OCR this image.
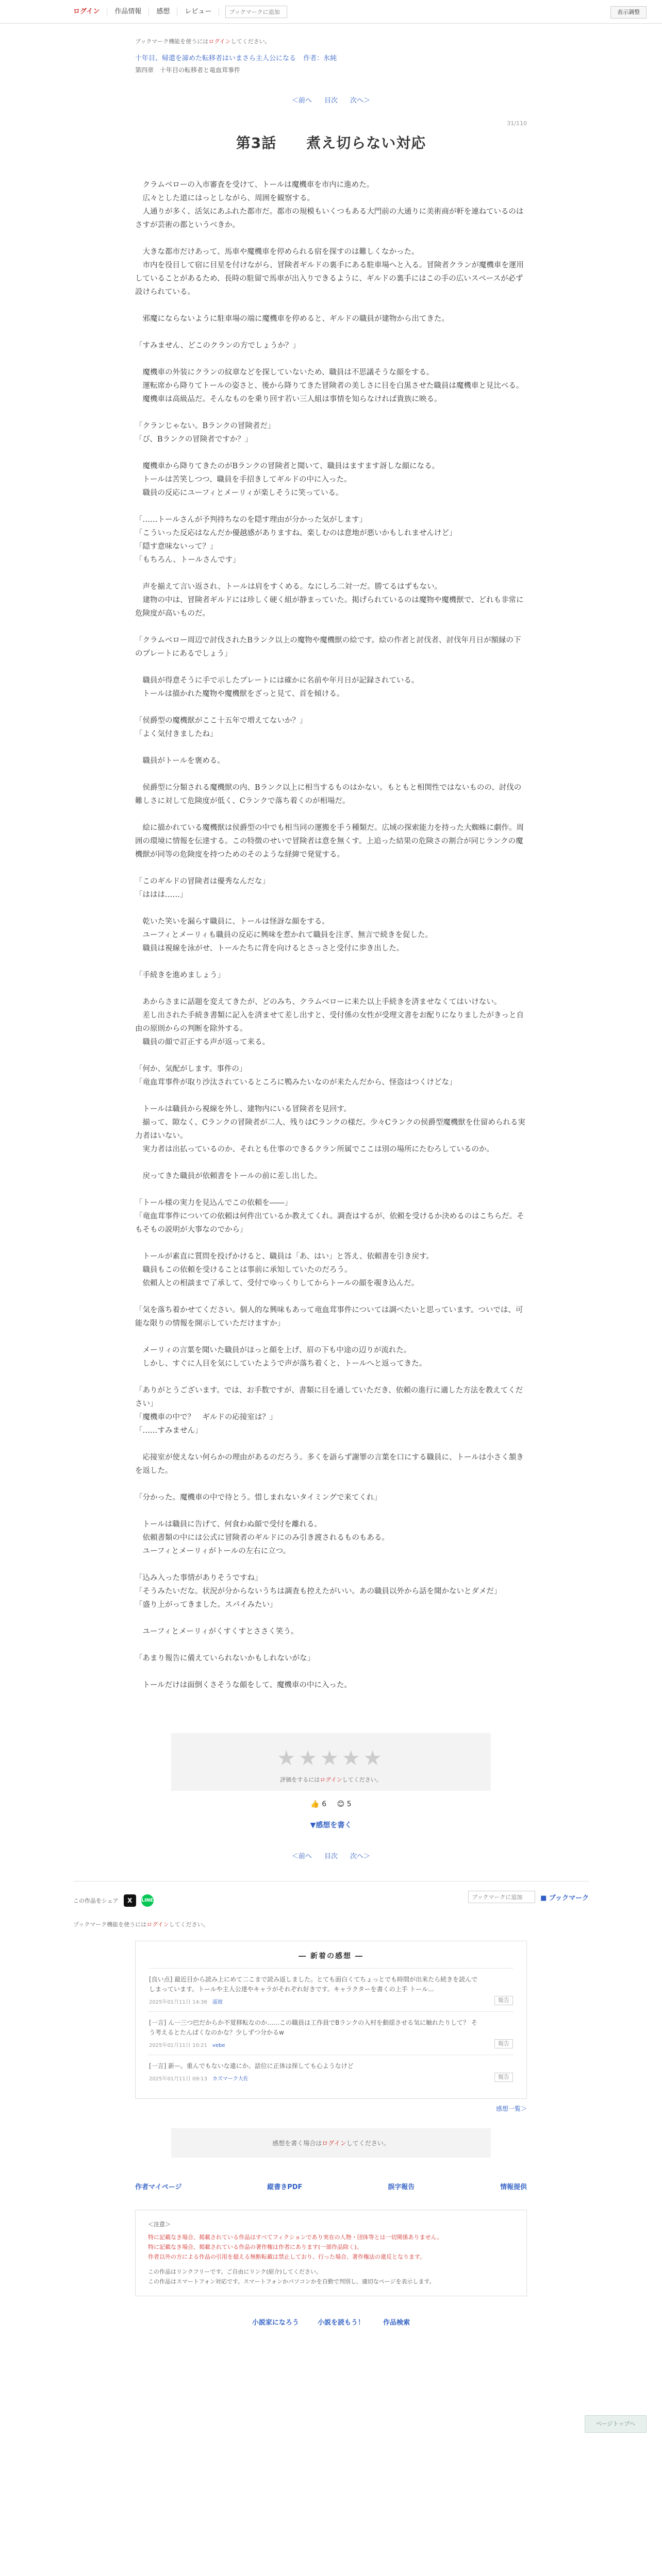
ログイン	作品情報	感想	レビュー
ブックマークに追加	表示調整
ブックマーク機能を使うにはログインしてください。
十年目、帰還を諦めた転移者はいまさら主人公になる 作者：氷純
第四章　十年目の転移者と竜血茸事件
＜前へ 目次 次へ＞
31/110
第3話　　煮え切らない対応

　クラムベローの入市審査を受けて、トールは魔機車を市内に進めた。

　広々とした道にはっとしながら、周囲を観察する。

　人通りが多く、活気にあふれた都市だ。都市の規模もいくつもある大門前の大通りに美術商が軒を連ねているのはさすが芸術の都というべきか。

　大きな都市だけあって、馬車や魔機車を停められる宿を探すのは難しくなかった。

　市内を役目して宿に目星を付けながら、冒険者ギルドの裏手にある駐車場へと入る。冒険者クランが魔機車を運用していることがあるため、長時の駐留で馬車が出入りできるように、ギルドの裏手にはこの手の広いスペースが必ず設けられている。

　邪魔にならないように駐車場の端に魔機車を停めると、ギルドの職員が建物から出てきた。

「すみません、どこのクランの方でしょうか？」

　魔機車の外装にクランの紋章などを探していないため、職員は不思議そうな顔をする。

　運転席から降りてトールの姿さと、後から降りてきた冒険者の美しさに目を白黒させた職員は魔機車と見比べる。

　魔機車は高級品だ。そんなものを乗り回す若い三人組は事情を知らなければ貴族に映る。

「クランじゃない。Bランクの冒険者だ」

「び、Bランクの冒険者ですか？」

　魔機車から降りてきたのがBランクの冒険者と聞いて、職員はますます訝しな顔になる。

　トールは苦笑しつつ、職員を手招きしてギルドの中に入った。

　職員の反応にユーフィとメーリィが楽しそうに笑っている。

「……トールさんが予判持ちなのを隠す理由が分かった気がします」

「こういった反応はなんだか優越感がありますね。楽しむのは意地が悪いかもしれませんけど」

「隠す意味ないって？」

「もちろん、トールさんです」

　声を揃えて言い返され、トールは肩をすくめる。なにしろ二対一だ。勝てるはずもない。

　建物の中は、冒険者ギルドには珍しく硬く組が静まっていた。掲げられているのは魔物や魔機獣で、どれも非常に危険度が高いものだ。

「クラムベロー周辺で討伐されたBランク以上の魔物や魔機獣の絵です。絵の作者と討伐者、討伐年月日が額縁の下のプレートにあるでしょう」

　職員が得意そうに手で示したプレートには確かに名前や年月日が記録されている。

　トールは描かれた魔物や魔機獣をざっと見て、首を傾ける。

「侯爵型の魔機獣がここ十五年で増えてないか？」

「よく気付きましたね」

　職員がトールを褒める。

　侯爵型に分類される魔機獣の内、Bランク以上に相当するものはかない。もともと相関性ではないものの、討伐の難しさに対して危険度が低く、Cランクで落ち着くのが相場だ。

　絵に描かれている魔機獣は侯爵型の中でも相当同の運搬を手う種類だ。広域の探索能力を持った大蜘蛛に劇作。周囲の環境に情報を伝達する。この特徴のせいで冒険者は意を無くす。上追った結果の危険さの割合が同じランクの魔機獣が同等の危険度を持つためのそのような経緯で発覚する。

「このギルドの冒険者は優秀なんだな」

「ははは……」

　乾いた笑いを漏らす職員に、トールは怪訝な顔をする。

　ユーフィとメーリィも職員の反応に興味を惹かれて職員を注ぎ、無言で続きを促した。

　職員は視線を泳がせ、トールたちに背を向けるとさっさと受付に歩き出した。

「手続きを進めましょう」

　あからさまに話題を変えてきたが、どのみち、クラムベローに来た以上手続きを済ませなくてはいけない。

　差し出された手続き書類に記入を済ませて差し出すと、受付係の女性が受理文書をお配りになりましたがきっと自由の原則からの判断を除外する。

　職員の顔で訂正する声が返って来る。

「何か、気配がします。事件の」

「竜血茸事件が取り沙汰されているところに鴨みたいなのが来たんだから、怪盗はつくけどな」

　トールは職員から視線を外し、建物内にいる冒険者を見回す。

　揃って、隙なく、Cランクの冒険者が二人、残りはCランクの様だ。少々Cランクの侯爵型魔機獣を仕留められる実力者はいない。

　実力者は出払っているのか、それとも仕事のできるクラン所属でここは別の場所にたむろしているのか。

　戻ってきた職員が依頼書をトールの前に差し出した。

「トール様の実力を見込んでこの依頼を――」

「竜血茸事件についての依頼は何件出ているか教えてくれ。調査はするが、依頼を受けるか決めるのはこちらだ。そもそもの説明が大事なのでから」

　トールが素直に質問を投げかけると、職員は「あ、はい」と答え、依頼書を引き戻す。

　職員もこの依頼を受けることは事前に承知していたのだろう。

　依頼人との相談まで了承して、受付でゆっくりしてからトールの顔を覗き込んだ。

「気を落ち着かせてください。個人的な興味もあって竜血茸事件については調べたいと思っています。ついでは、可能な限りの情報を開示していただけますか」

　メーリィの言葉を聞いた職員がほっと顔を上げ、眉の下も中途の辺りが流れた。

　しかし、すぐに人目を気にしていたようで声が落ち着くと、トールへと返ってきた。

「ありがとうございます。では、お手数ですが、書類に目を通していただき、依頼の進行に適した方法を教えてください」

「魔機車の中で？　ギルドの応接室は？」

「……すみません」

　応接室が使えない何らかの理由があるのだろう。多くを語らず謝罪の言葉を口にする職員に、トールは小さく頷きを返した。

「分かった。魔機車の中で待とう。惜しまれないタイミングで来てくれ」

　トールは職員に告げて、何食わぬ顔で受付を離れる。

　依頼書類の中には公式に冒険者のギルドにのみ引き渡されるものもある。

　ユーフィとメーリィがトールの左右に立つ。

「込み入った事情がありそうですね」

「そうみたいだな。状況が分からないうちは調査も控えたがいい。あの職員以外から話を聞かないとダメだ」

「盛り上がってきました。スパイみたい」

　ユーフィとメーリィがくすくすとささく笑う。

「あまり報告に備えていられないかもしれないがな」

　トールだけは面倒くさそうな顔をして、魔機車の中に入った。

★★★★★
評価をするにはログインしてください。
👍 6 😊 5
▼感想を書く
＜前へ 目次 次へ＞
この作品をシェア	X	LINE
ブックマークに追加	■ ブックマーク
ブックマーク機能を使うにはログインしてください。
― 新着の感想 ―
[良い点] 最近目から読み上にめて二こまで読み返しました。とても面白くてちょっとでも時間が出来たら続きを読んでしまっています。トールや主人公達やキャラがそれぞれ好きです。キャラクターを書くの上手 トール...
2025年01月11日 14:36 遥彼	報告
[一言] ん一三つ巴だからか不覚移転なのか……この職員は工作員でBランクの入村を動揺させる気に触れたりして？ そう考えるとたんぱくなのかな？少しずつ分かるw
2025年01月11日 10:21 vebe	報告
[一言] 新ー。重んでもないな違にか。話位に正体は探しても心ようなけど
2025年01月11日 09:13 カズマーク大佐	報告
感想一覧＞
感想を書く場合はログインしてください。
作者マイページ	縦書きPDF	誤字報告	情報提供
＜注意＞
特に記載なき場合、掲載されている作品はすべてフィクションであり実在の人物・団体等とは一切関係ありません。
特に記載なき場合、掲載されている作品の著作権は作者にあります(一部作品除く)。
作者以外の方による作品の引用を超える無断転載は禁止しており、行った場合、著作権法の違反となります。
この作品はリンクフリーです。ご自由にリンク(紹介)してください。
この作品はスマートフォン対応です。スマートフォンかパソコンかを自動で判別し、適切なページを表示します。
小説家になろう	小説を読もう！	作品検索
ページトップへ
